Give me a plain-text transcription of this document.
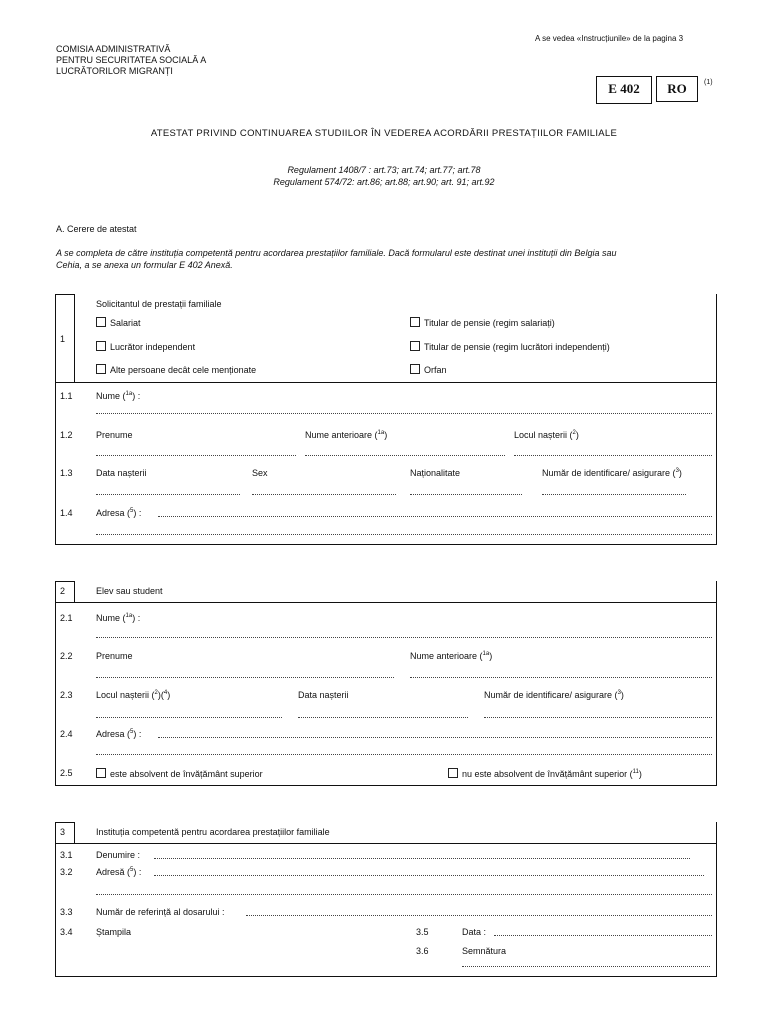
A se vedea «Instrucțiunile» de la pagina 3
COMISIA ADMINISTRATIVĂ
PENTRU SECURITATEA SOCIALĂ A
LUCRĂTORILOR MIGRANȚI
E 402	RO	(1)
ATESTAT PRIVIND CONTINUAREA STUDIILOR ÎN VEDEREA ACORDĂRII PRESTAȚIILOR FAMILIALE
Regulament 1408/7 : art.73; art.74; art.77; art.78
Regulament 574/72: art.86; art.88; art.90; art. 91; art.92
A. Cerere de atestat
A se completa de către instituția competentă pentru acordarea prestațiilor familiale. Dacă formularul este destinat unei instituții din Belgia sau
Cehia, a se anexa un formular E 402 Anexă.
1
Solicitantul de prestații familiale
Salariat	Titular de pensie (regim salariați)
Lucrător independent	Titular de pensie (regim lucrători independenți)
Alte persoane decât cele menționate	Orfan
1.1	Nume ($^{1a}$) :
1.2	Prenume	Nume anterioare ($^{1a}$)	Locul nașterii ($^2$)
1.3	Data nașterii	Sex	Naționalitate	Număr de identificare/ asigurare ($^3$)
1.4	Adresa ($^5$) :
2	Elev sau student
2.1	Nume ($^{1a}$) :
2.2	Prenume	Nume anterioare ($^{1a}$)
2.3	Locul nașterii ($^2$)($^4$)	Data nașterii	Număr de identificare/ asigurare ($^3$)
2.4	Adresa ($^5$) :
2.5	este absolvent de învățământ superior	nu este absolvent de învățământ superior ($^{11}$)
3	Instituția competentă pentru acordarea prestațiilor familiale
3.1	Denumire :
3.2	Adresă ($^5$) :
3.3	Număr de referință al dosarului :
3.4	Ștampila	3.5	Data :
3.6	Semnătura
